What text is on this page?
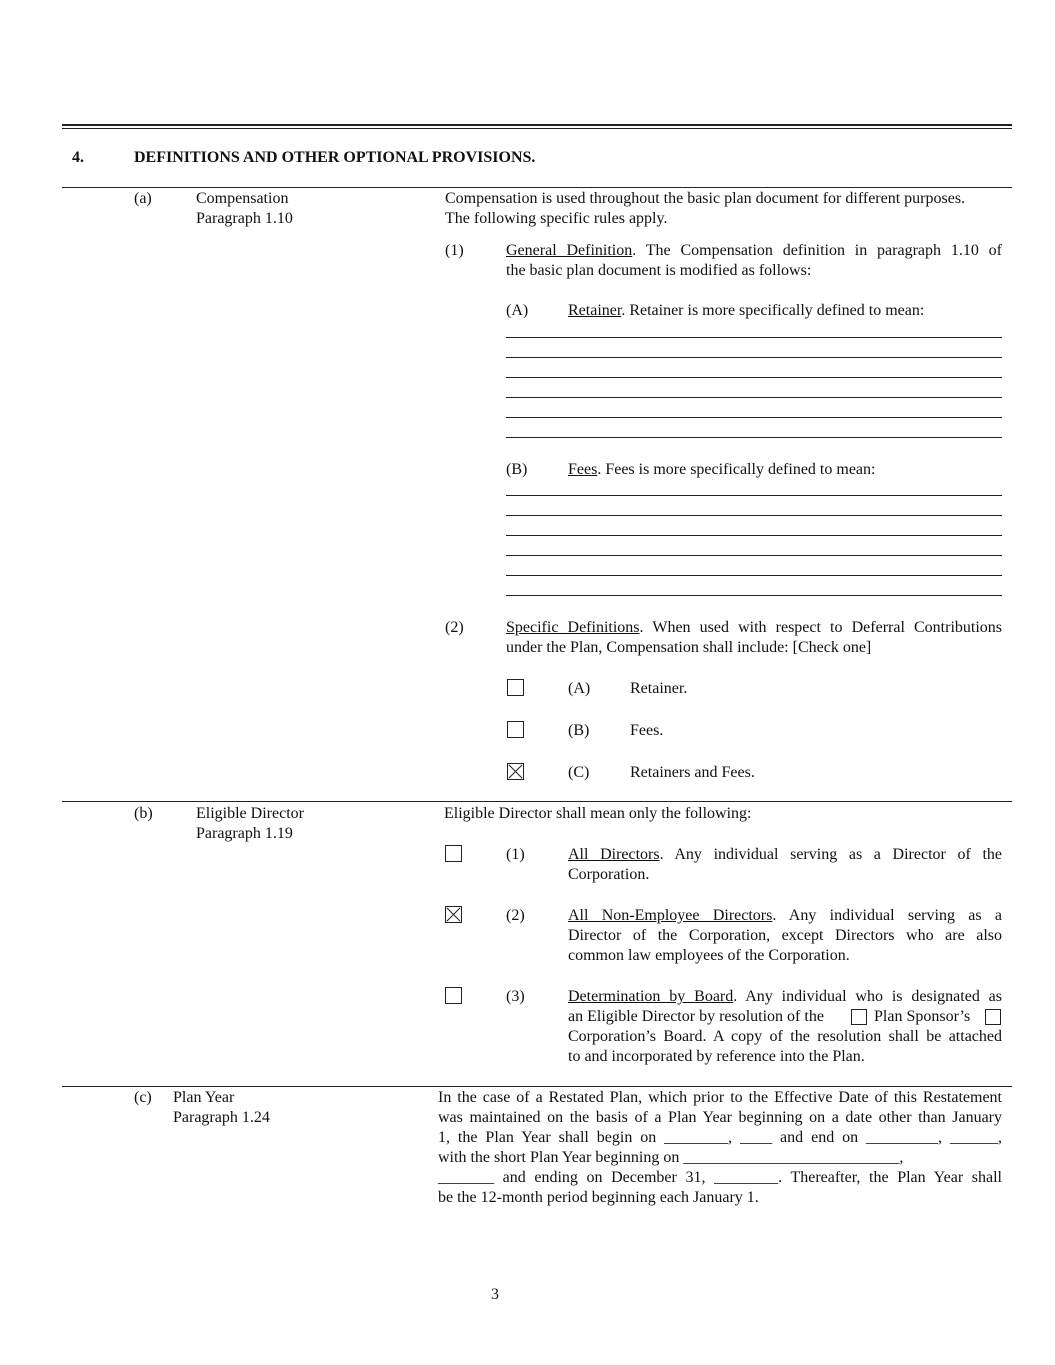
4.	DEFINITIONS AND OTHER OPTIONAL PROVISIONS.
(a)	Compensation
Paragraph 1.10
Compensation is used throughout the basic plan document for different purposes.
The following specific rules apply.
(1)	General Definition. The Compensation definition in paragraph 1.10 of
the basic plan document is modified as follows:
(A) Retainer. Retainer is more specifically defined to mean:
(B)	Fees. Fees is more specifically defined to mean:
(2)	Specific Definitions. When used with respect to Deferral Contributions
under the Plan, Compensation shall include: [Check one]
(A) Retainer.
(B)	Fees.
(C)	Retainers and Fees.
(b)	Eligible Director
Paragraph 1.19
Eligible Director shall mean only the following:
(1)	All Directors. Any individual serving as a Director of the
Corporation.
(2)	All Non-Employee Directors. Any individual serving as a
Director of the Corporation, except Directors who are also
common law employees of the Corporation.
(3)	Determination by Board. Any individual who is designated as
an Eligible Director by resolution of the	Plan Sponsor’s
Corporation’s Board. A copy of the resolution shall be attached
to and incorporated by reference into the Plan.
(c) Plan Year
Paragraph 1.24
In the case of a Restated Plan, which prior to the Effective Date of this Restatement
was maintained on the basis of a Plan Year beginning on a date other than January
1, the Plan Year shall begin on ________, ____ and end on _________, ______,
with the short Plan Year beginning on ___________________________,
_______ and ending on December 31, ________. Thereafter, the Plan Year shall
be the 12-month period beginning each January 1.
3
